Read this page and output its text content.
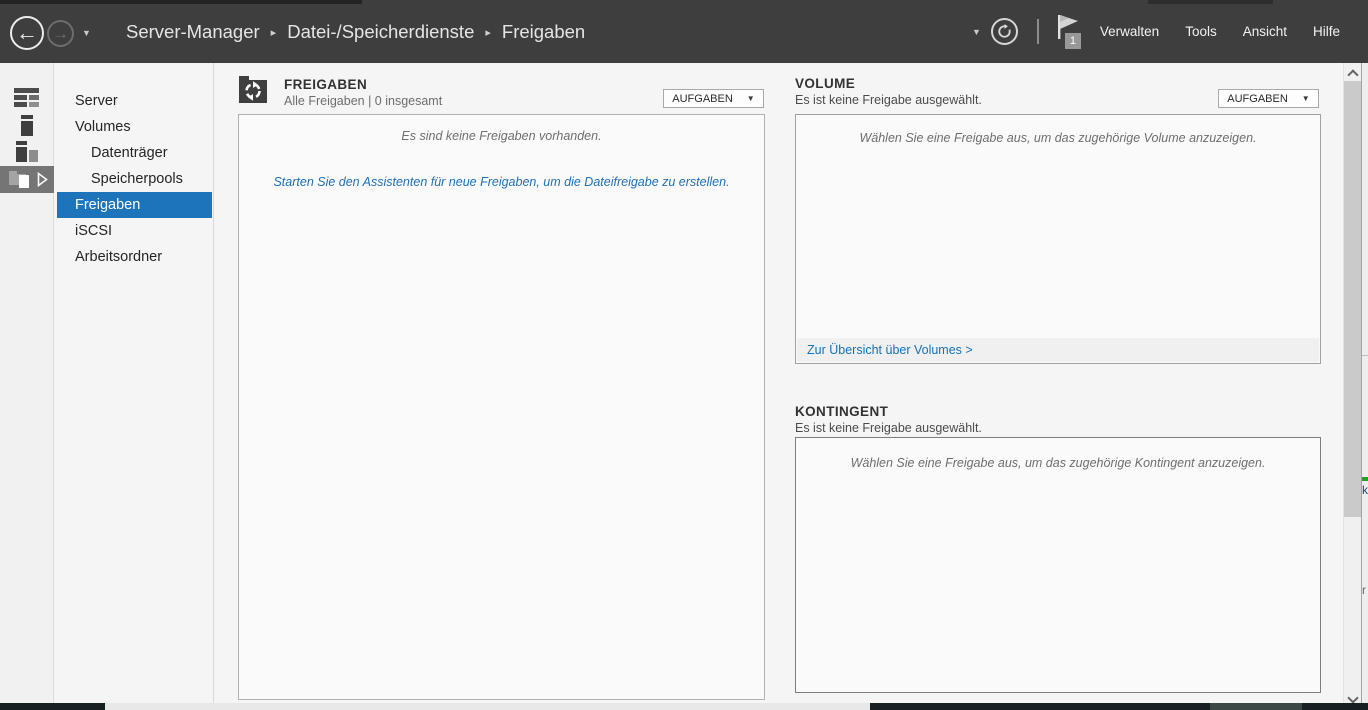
← → ▼ Server-Manager ▸ Datei-/Speicherdienste ▸ Freigaben	▼
1
Verwalten Tools Ansicht Hilfe
Server
Volumes
Datenträger
Speicherpools
Freigaben
iSCSI
Arbeitsordner
FREIGABEN
Alle Freigaben | 0 insgesamt	AUFGABEN ▼
Es sind keine Freigaben vorhanden.
Starten Sie den Assistenten für neue Freigaben, um die Dateifreigabe zu erstellen.
VOLUME
Es ist keine Freigabe ausgewählt.	AUFGABEN ▼
Wählen Sie eine Freigabe aus, um das zugehörige Volume anzuzeigen.
Zur Übersicht über Volumes >
KONTINGENT
Es ist keine Freigabe ausgewählt.
Wählen Sie eine Freigabe aus, um das zugehörige Kontingent anzuzeigen.
k
r
